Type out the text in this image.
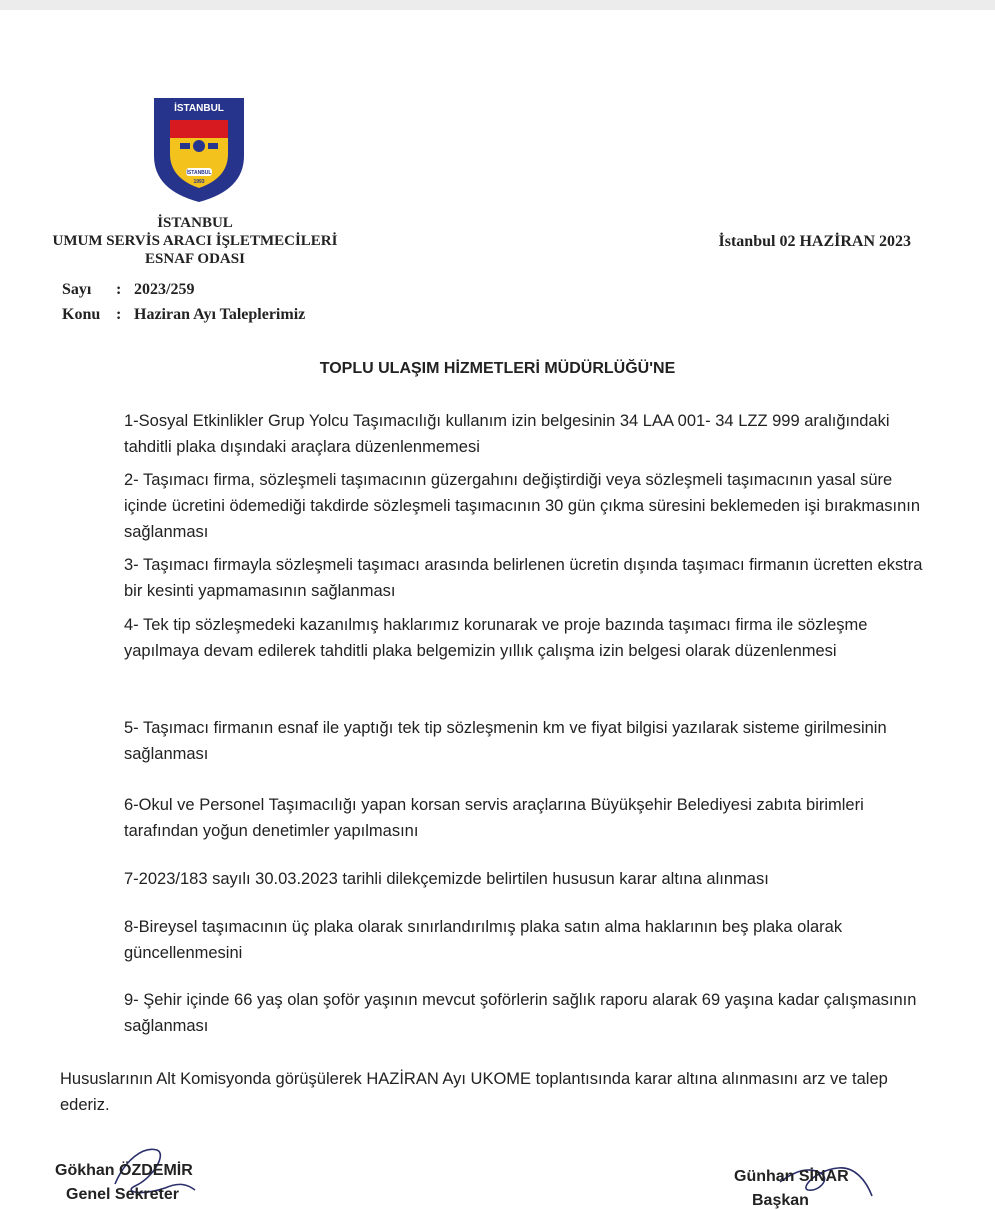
İSTANBUL
İSTANBUL
1993
İSTANBUL
UMUM SERVİS ARACI İŞLETMECİLERİ
ESNAF ODASI
İstanbul 02 HAZİRAN 2023
Sayı : 2023/259
Konu : Haziran Ayı Taleplerimiz
TOPLU ULAŞIM HİZMETLERİ MÜDÜRLÜĞÜ'NE
1-Sosyal Etkinlikler Grup Yolcu Taşımacılığı kullanım izin belgesinin 34 LAA 001- 34 LZZ 999 aralığındaki tahditli plaka dışındaki araçlara düzenlenmemesi
2- Taşımacı firma, sözleşmeli taşımacının güzergahını değiştirdiği veya sözleşmeli taşımacının yasal süre içinde ücretini ödemediği takdirde sözleşmeli taşımacının 30 gün çıkma süresini beklemeden işi bırakmasının sağlanması
3- Taşımacı firmayla sözleşmeli taşımacı arasında belirlenen ücretin dışında taşımacı firmanın ücretten ekstra bir kesinti yapmamasının sağlanması
4- Tek tip sözleşmedeki kazanılmış haklarımız korunarak ve proje bazında taşımacı firma ile sözleşme yapılmaya devam edilerek tahditli plaka belgemizin yıllık çalışma izin belgesi olarak düzenlenmesi
5- Taşımacı firmanın esnaf ile yaptığı tek tip sözleşmenin km ve fiyat bilgisi yazılarak sisteme girilmesinin sağlanması
6-Okul ve Personel Taşımacılığı yapan korsan servis araçlarına Büyükşehir Belediyesi zabıta birimleri tarafından yoğun denetimler yapılmasını
7-2023/183 sayılı 30.03.2023 tarihli dilekçemizde belirtilen hususun karar altına alınması
8-Bireysel taşımacının üç plaka olarak sınırlandırılmış plaka satın alma haklarının beş plaka olarak güncellenmesini
9- Şehir içinde 66 yaş olan şoför yaşının mevcut şoförlerin sağlık raporu alarak 69 yaşına kadar çalışmasının sağlanması
Hususlarının Alt Komisyonda görüşülerek HAZİRAN Ayı UKOME toplantısında karar altına alınmasını arz ve talep ederiz.
Gökhan ÖZDEMİR
Genel Sekreter
Günhan SİNAR
Başkan
